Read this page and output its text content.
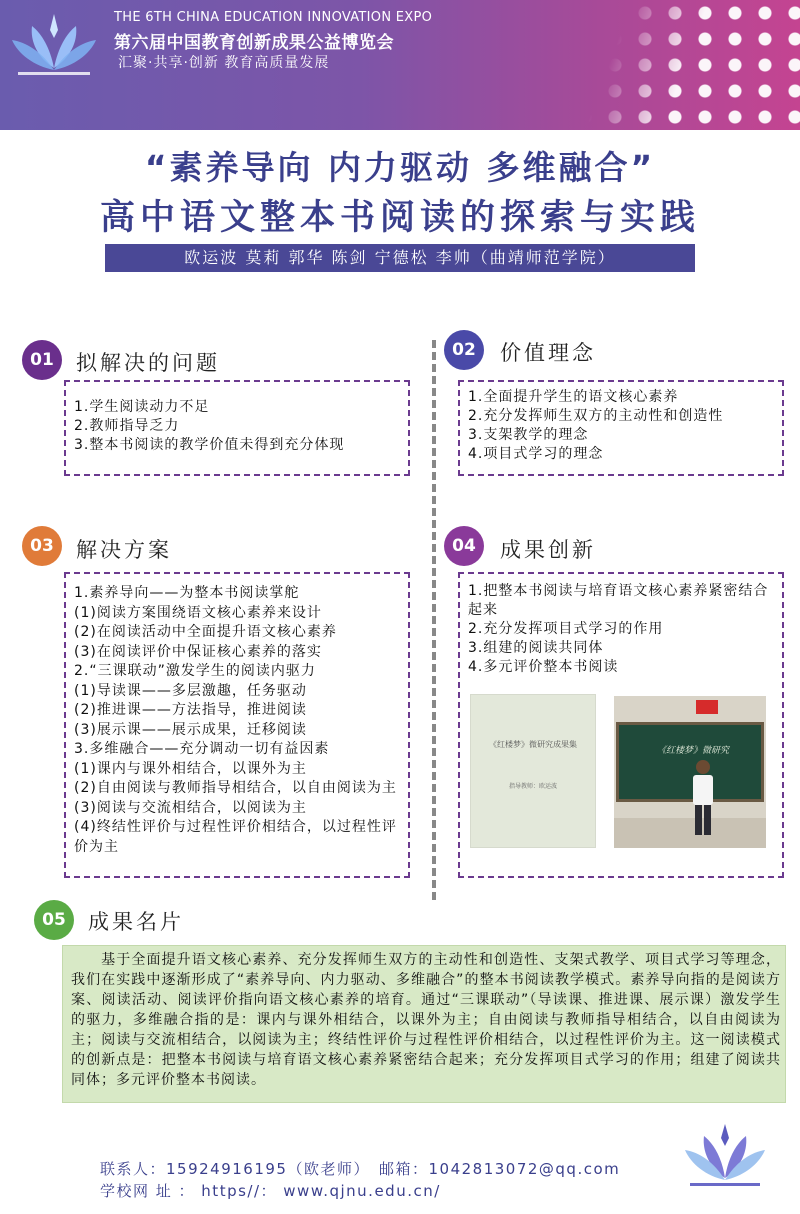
THE 6TH CHINA EDUCATION INNOVATION EXPO
第六届中国教育创新成果公益博览会
汇聚·共享·创新 教育高质量发展
“素养导向 内力驱动 多维融合”
高中语文整本书阅读的探索与实践
欧运波 莫莉 郭华 陈剑 宁德松 李帅（曲靖师范学院）
01	拟解决的问题
1.学生阅读动力不足
2.教师指导乏力
3.整本书阅读的教学价值未得到充分体现
02	价值理念
1.全面提升学生的语文核心素养
2.充分发挥师生双方的主动性和创造性
3.支架教学的理念
4.项目式学习的理念
03	解决方案
1.素养导向——为整本书阅读掌舵
(1)阅读方案围绕语文核心素养来设计
(2)在阅读活动中全面提升语文核心素养
(3)在阅读评价中保证核心素养的落实
2.“三课联动”激发学生的阅读内驱力
(1)导读课——多层激趣，任务驱动
(2)推进课——方法指导，推进阅读
(3)展示课——展示成果，迁移阅读
3.多维融合——充分调动一切有益因素
(1)课内与课外相结合，以课外为主
(2)自由阅读与教师指导相结合，以自由阅读为主
(3)阅读与交流相结合，以阅读为主
(4)终结性评价与过程性评价相结合，以过程性评价为主
04	成果创新
1.把整本书阅读与培育语文核心素养紧密结合起来
2.充分发挥项目式学习的作用
3.组建的阅读共同体
4.多元评价整本书阅读
《红楼梦》微研究成果集
指导教师：欧运波
《红楼梦》微研究
05	成果名片
基于全面提升语文核心素养、充分发挥师生双方的主动性和创造性、支架式教学、项目式学习等理念，我们在实践中逐渐形成了“素养导向、内力驱动、多维融合”的整本书阅读教学模式。素养导向指的是阅读方案、阅读活动、阅读评价指向语文核心素养的培育。通过“三课联动”（导读课、推进课、展示课）激发学生的驱力，多维融合指的是：课内与课外相结合，以课外为主；自由阅读与教师指导相结合，以自由阅读为主；阅读与交流相结合，以阅读为主；终结性评价与过程性评价相结合，以过程性评价为主。这一阅读模式的创新点是：把整本书阅读与培育语文核心素养紧密结合起来；充分发挥项目式学习的作用；组建了阅读共同体；多元评价整本书阅读。
联系人：15924916195（欧老师）　邮箱：1042813072@qq.com
学校网 址 ： https//： www.qjnu.edu.cn/
